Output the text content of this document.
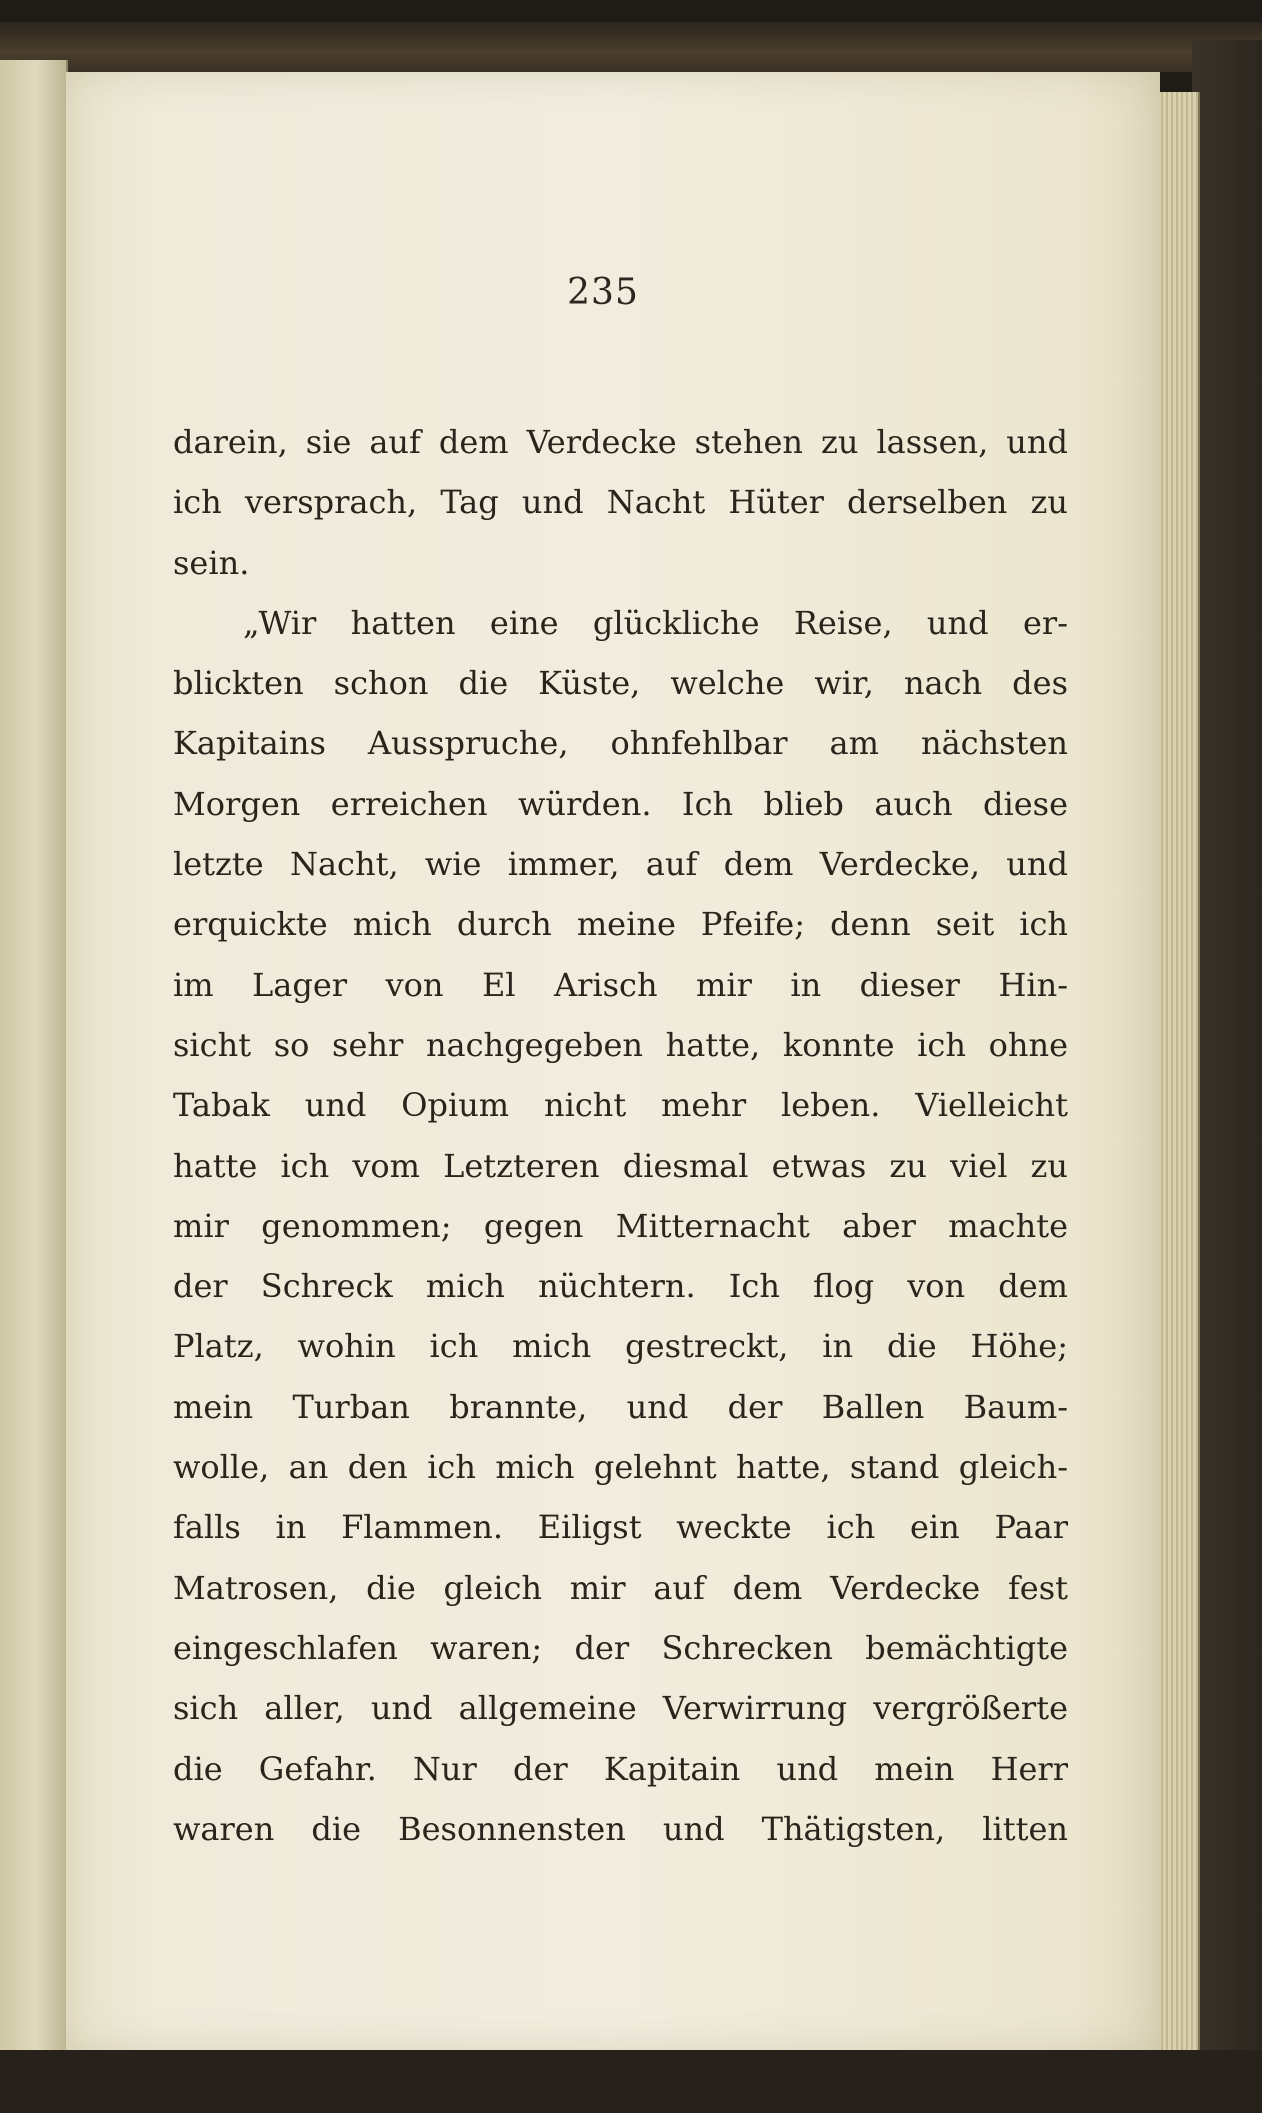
235
darein, sie auf dem Verdecke stehen zu lassen, und
ich versprach, Tag und Nacht Hüter derselben zu
sein.
„Wir hatten eine glückliche Reise, und er-
blickten schon die Küste, welche wir, nach des
Kapitains Ausspruche, ohnfehlbar am nächsten
Morgen erreichen würden. Ich blieb auch diese
letzte Nacht, wie immer, auf dem Verdecke, und
erquickte mich durch meine Pfeife; denn seit ich
im Lager von El Arisch mir in dieser Hin-
sicht so sehr nachgegeben hatte, konnte ich ohne
Tabak und Opium nicht mehr leben. Vielleicht
hatte ich vom Letzteren diesmal etwas zu viel zu
mir genommen; gegen Mitternacht aber machte
der Schreck mich nüchtern. Ich flog von dem
Platz, wohin ich mich gestreckt, in die Höhe;
mein Turban brannte, und der Ballen Baum-
wolle, an den ich mich gelehnt hatte, stand gleich-
falls in Flammen. Eiligst weckte ich ein Paar
Matrosen, die gleich mir auf dem Verdecke fest
eingeschlafen waren; der Schrecken bemächtigte
sich aller, und allgemeine Verwirrung vergrößerte
die Gefahr. Nur der Kapitain und mein Herr
waren die Besonnensten und Thätigsten, litten
